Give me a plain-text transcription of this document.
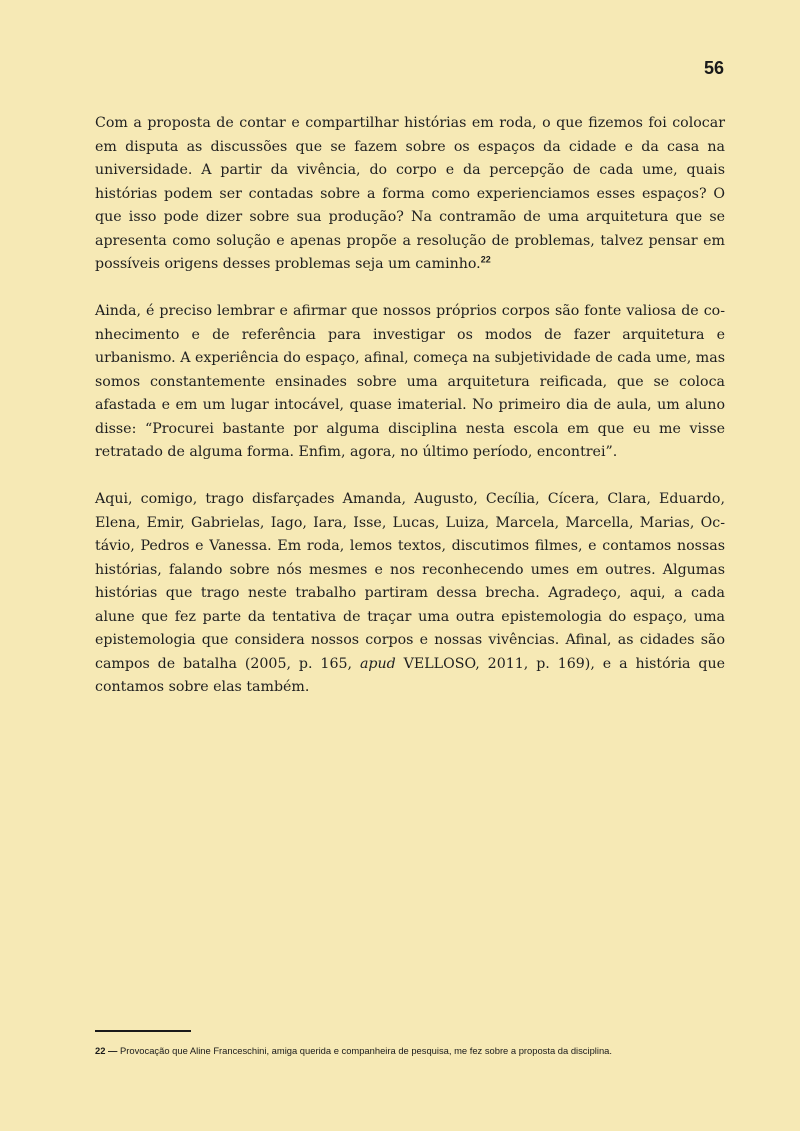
56

Com a proposta de contar e compartilhar histórias em roda, o que fizemos foi colocar em disputa as discussões que se fazem sobre os espaços da cidade e da casa na universidade. A partir da vivência, do corpo e da percepção de cada ume, quais histórias podem ser contadas sobre a forma como experienciamos esses espaços? O que isso pode dizer sobre sua produção? Na contramão de uma arquitetura que se apresenta como solução e apenas propõe a resolução de problemas, talvez pensar em possíveis origens desses problemas seja um caminho.$^{22}$

Ainda, é preciso lembrar e afirmar que nossos próprios corpos são fonte valiosa de conhecimento e de referência para investigar os modos de fazer arquitetura e urbanismo. A experiência do espaço, afinal, começa na subjetividade de cada ume, mas somos constantemente ensinades sobre uma arquitetura reificada, que se coloca afastada e em um lugar intocável, quase imaterial. No primeiro dia de aula, um aluno disse: “Procurei bastante por alguma disciplina nesta escola em que eu me visse retratado de alguma forma. Enfim, agora, no último período, encontrei”.

Aqui, comigo, trago disfarçades Amanda, Augusto, Cecília, Cícera, Clara, Eduardo, Elena, Emir, Gabrielas, Iago, Iara, Isse, Lucas, Luiza, Marcela, Marcella, Marias, Octávio, Pedros e Vanessa. Em roda, lemos textos, discutimos filmes, e contamos nossas histórias, falando sobre nós mesmes e nos reconhecendo umes em outres. Algumas histórias que trago neste trabalho partiram dessa brecha. Agradeço, aqui, a cada alune que fez parte da tentativa de traçar uma outra epistemologia do espaço, uma epistemologia que considera nossos corpos e nossas vivências. Afinal, as cidades são campos de batalha (2005, p. 165, apud VELLOSO, 2011, p. 169), e a história que contamos sobre elas também.

22 — Provocação que Aline Franceschini, amiga querida e companheira de pesquisa, me fez sobre a proposta da disciplina.
